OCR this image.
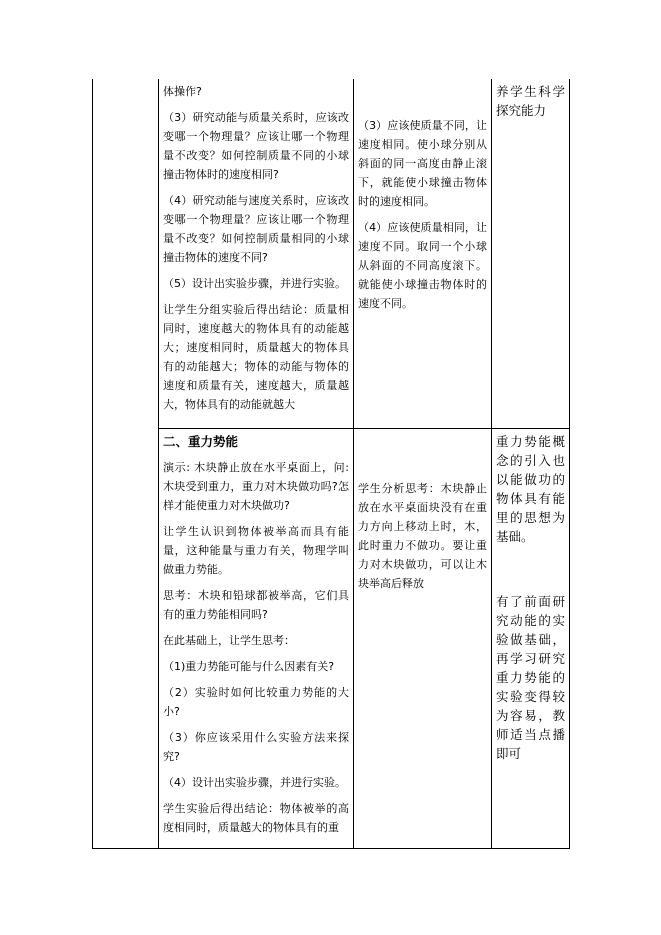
体操作?

（3）研究动能与质量关系时，应该改变哪一个物理量？应该让哪一个物理量不改变？如何控制质量不同的小球撞击物体时的速度相同?

（4）研究动能与速度关系时，应该改变哪一个物理量？应该让哪一个物理量不改变？如何控制质量相同的小球撞击物体的速度不同?

（5）设计出实验步骤，并进行实验。

让学生分组实验后得出结论：质量相同时，速度越大的物体具有的动能越大；速度相同时，质量越大的物体具有的动能越大；物体的动能与物体的速度和质量有关，速度越大，质量越大，物体具有的动能就越大

二、重力势能

演示: 木块静止放在水平桌面上，问:木块受到重力，重力对木块做功吗?怎样才能使重力对木块做功?

让学生认识到物体被举高而具有能量，这种能量与重力有关，物理学叫做重力势能。

思考：木块和铅球都被举高，它们具有的重力势能相同吗?

在此基础上，让学生思考：

（1)重力势能可能与什么因素有关?

（2）实验时如何比较重力势能的大小?

（3）你应该采用什么实验方法来探究?

（4）设计出实验步骤，并进行实验。

学生实验后得出结论：物体被举的高度相同时，质量越大的物体具有的重

（3）应该使质量不同，让速度相同。使小球分别从斜面的同一高度由静止滚下，就能使小球撞击物体时的速度相同。

（4）应该使质量相同，让速度不同。取同一个小球从斜面的不同高度滚下。就能使小球撞击物体时的速度不同。

学生分析思考：木块静止放在水平桌面块没有在重力方向上移动上时，木，此时重力不做功。要让重力对木块做功，可以让木块举高后释放

养学生科学探究能力

重力势能概念的引入也以能做功的物体具有能里的思想为基础。

有了前面研究动能的实验做基础，再学习研究重力势能的实验变得较为容易，教师适当点播即可
